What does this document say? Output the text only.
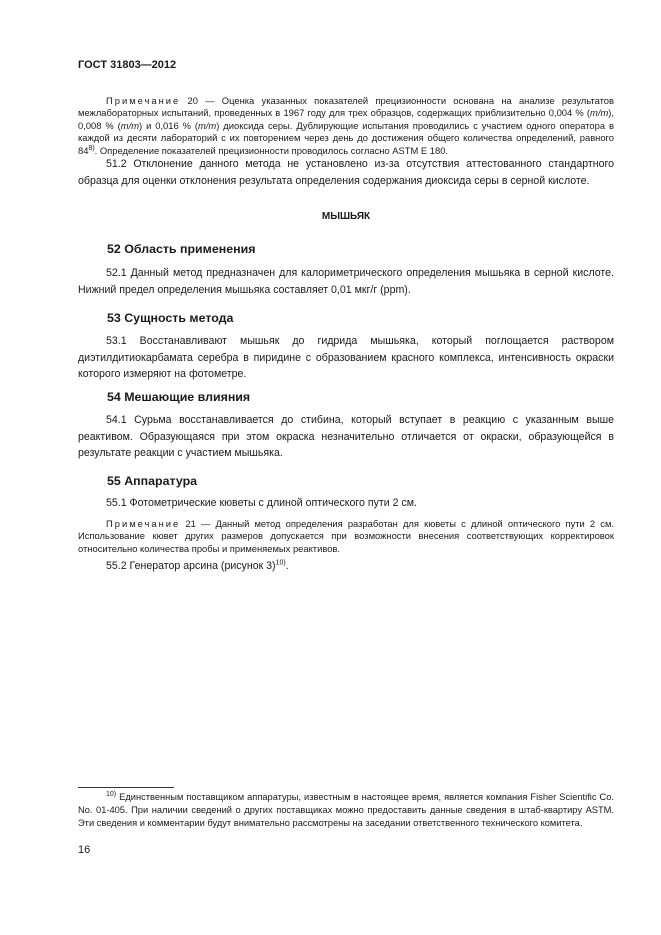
ГОСТ 31803—2012

Примечание 20 — Оценка указанных показателей прецизионности основана на анализе результатов межлабораторных испытаний, проведенных в 1967 году для трех образцов, содержащих приблизительно 0,004 % (m/m), 0,008 % (m/m) и 0,016 % (m/m) диоксида серы. Дублирующие испытания проводились с участием одного оператора в каждой из десяти лабораторий с их повторением через день до достижения общего количества определений, равного 84$^{8)}$. Определение показателей прецизионности проводилось согласно ASTM E 180.

51.2 Отклонение данного метода не установлено из-за отсутствия аттестованного стандартного образца для оценки отклонения результата определения содержания диоксида серы в серной кислоте.

МЫШЬЯК
52 Область применения

52.1 Данный метод предназначен для калориметрического определения мышьяка в серной кислоте. Нижний предел определения мышьяка составляет 0,01 мкг/г (ppm).

53 Сущность метода

53.1 Восстанавливают мышьяк до гидрида мышьяка, который поглощается раствором диэтилдитиокарбамата серебра в пиридине с образованием красного комплекса, интенсивность окраски которого измеряют на фотометре.

54 Мешающие влияния

54.1 Сурьма восстанавливается до стибина, который вступает в реакцию с указанным выше реактивом. Образующаяся при этом окраска незначительно отличается от окраски, образующейся в результате реакции с участием мышьяка.

55 Аппаратура

55.1 Фотометрические кюветы с длиной оптического пути 2 см.

Примечание 21 — Данный метод определения разработан для кюветы с длиной оптического пути 2 см. Использование кювет других размеров допускается при возможности внесения соответствующих корректировок относительно количества пробы и применяемых реактивов.

55.2 Генератор арсина (рисунок 3)$^{10)}$.

$^{10)}$ Единственным поставщиком аппаратуры, известным в настоящее время, является компания Fisher Scientific Co. No. 01-405. При наличии сведений о других поставщиках можно предоставить данные сведения в штаб-квартиру ASTM. Эти сведения и комментарии будут внимательно рассмотрены на заседании ответственного технического комитета.

16
